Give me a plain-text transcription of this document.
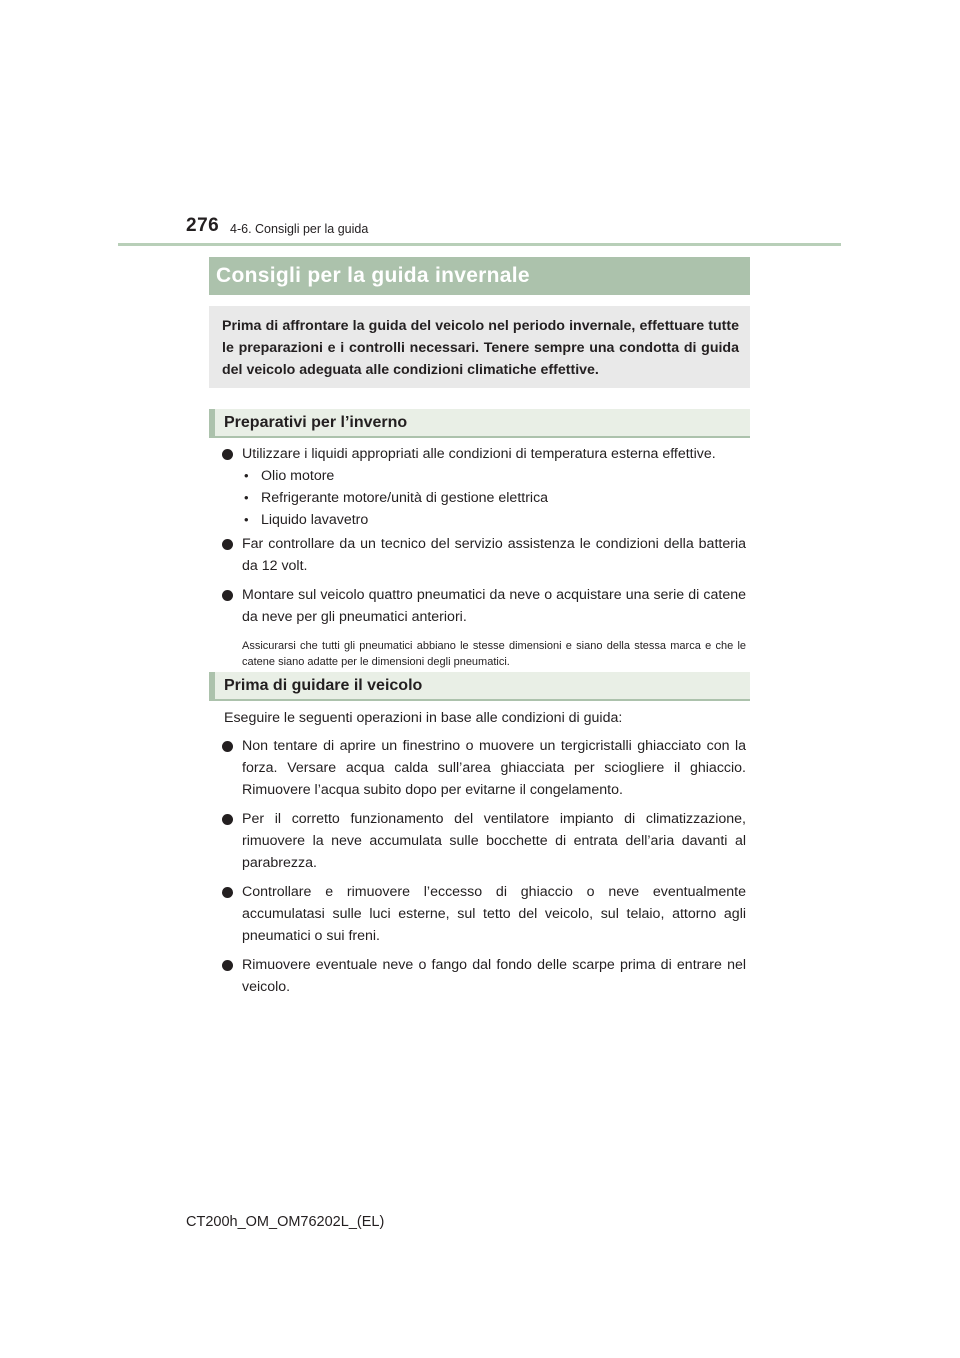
276 4-6. Consigli per la guida
Consigli per la guida invernale
Prima di affrontare la guida del veicolo nel periodo invernale, effettuare tutte le preparazioni e i controlli necessari. Tenere sempre una condotta di guida del veicolo adeguata alle condizioni climatiche effettive.
Preparativi per l’inverno
Utilizzare i liquidi appropriati alle condizioni di temperatura esterna effettive.
• Olio motore
• Refrigerante motore/unità di gestione elettrica
• Liquido lavavetro
Far controllare da un tecnico del servizio assistenza le condizioni della batteria da 12 volt.
Montare sul veicolo quattro pneumatici da neve o acquistare una serie di catene da neve per gli pneumatici anteriori.
Assicurarsi che tutti gli pneumatici abbiano le stesse dimensioni e siano della stessa marca e che le catene siano adatte per le dimensioni degli pneumatici.
Prima di guidare il veicolo
Eseguire le seguenti operazioni in base alle condizioni di guida:
Non tentare di aprire un finestrino o muovere un tergicristalli ghiacciato con la forza. Versare acqua calda sull’area ghiacciata per sciogliere il ghiaccio. Rimuovere l’acqua subito dopo per evitarne il congelamento.
Per il corretto funzionamento del ventilatore impianto di climatizzazione, rimuovere la neve accumulata sulle bocchette di entrata dell’aria davanti al parabrezza.
Controllare e rimuovere l’eccesso di ghiaccio o neve eventualmente accumulatasi sulle luci esterne, sul tetto del veicolo, sul telaio, attorno agli pneumatici o sui freni.
Rimuovere eventuale neve o fango dal fondo delle scarpe prima di entrare nel veicolo.
CT200h_OM_OM76202L_(EL)
